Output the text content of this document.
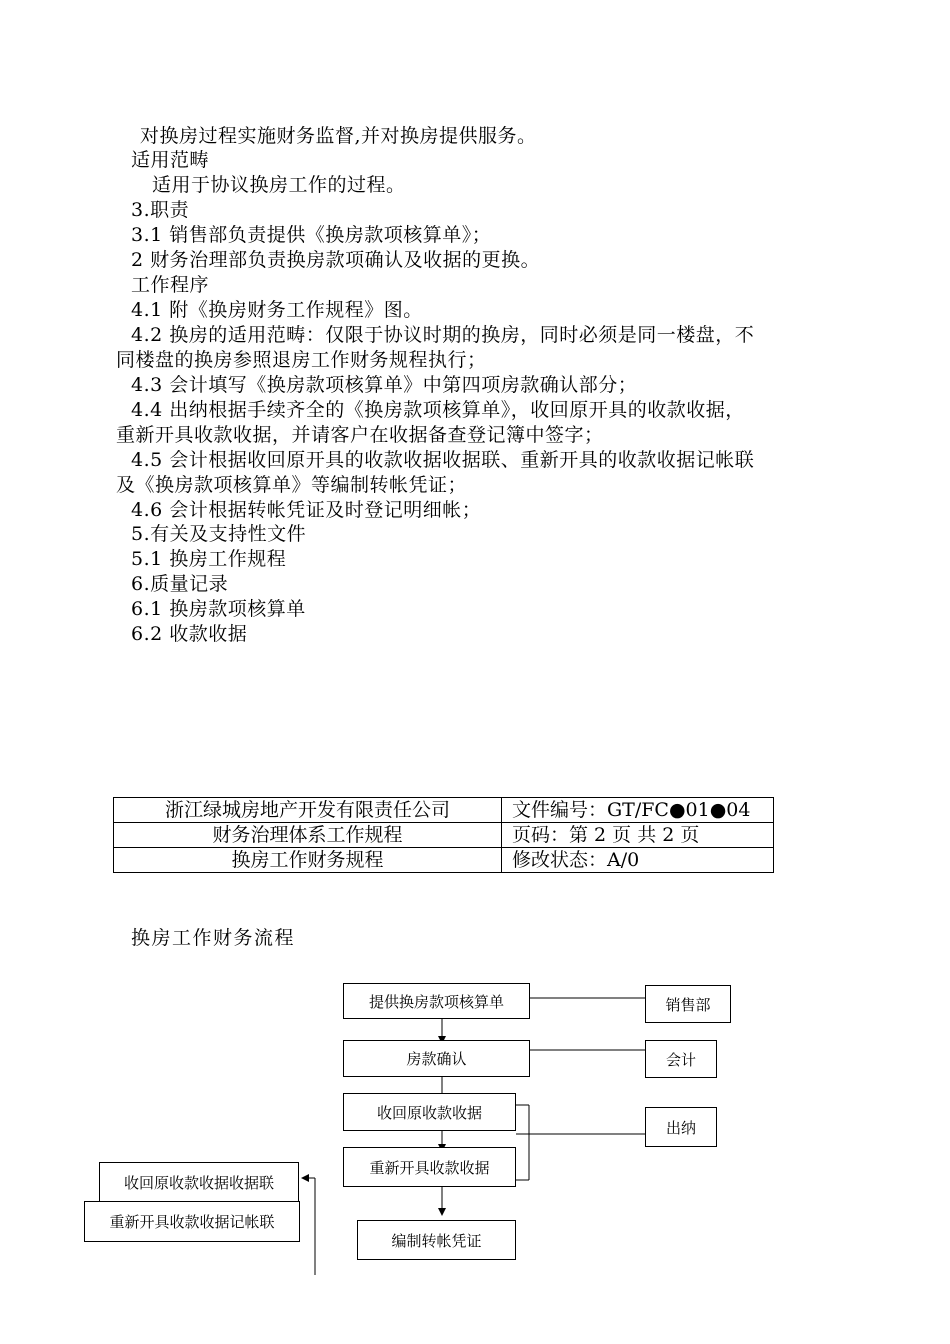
对换房过程实施财务监督,并对换房提供服务。
适用范畴
适用于协议换房工作的过程。
3.职责
3.1 销售部负责提供《换房款项核算单》；
2 财务治理部负责换房款项确认及收据的更换。
工作程序
4.1 附《换房财务工作规程》图。
4.2 换房的适用范畴：仅限于协议时期的换房，同时必须是同一楼盘，不
同楼盘的换房参照退房工作财务规程执行；
4.3 会计填写《换房款项核算单》中第四项房款确认部分；
4.4 出纳根据手续齐全的《换房款项核算单》，收回原开具的收款收据，
重新开具收款收据，并请客户在收据备查登记簿中签字；
4.5 会计根据收回原开具的收款收据收据联、重新开具的收款收据记帐联
及《换房款项核算单》等编制转帐凭证；
4.6 会计根据转帐凭证及时登记明细帐；
5.有关及支持性文件
5.1 换房工作规程
6.质量记录
6.1 换房款项核算单
6.2 收款收据
浙江绿城房地产开发有限责任公司	文件编号：GT/FC●01●04
财务治理体系工作规程	页码：第 2 页 共 2 页
换房工作财务规程	修改状态：A/0
换房工作财务流程
提供换房款项核算单	销售部
房款确认	会计
收回原收款收据
出纳
重新开具收款收据
编制转帐凭证
收回原收款收据收据联
重新开具收款收据记帐联
